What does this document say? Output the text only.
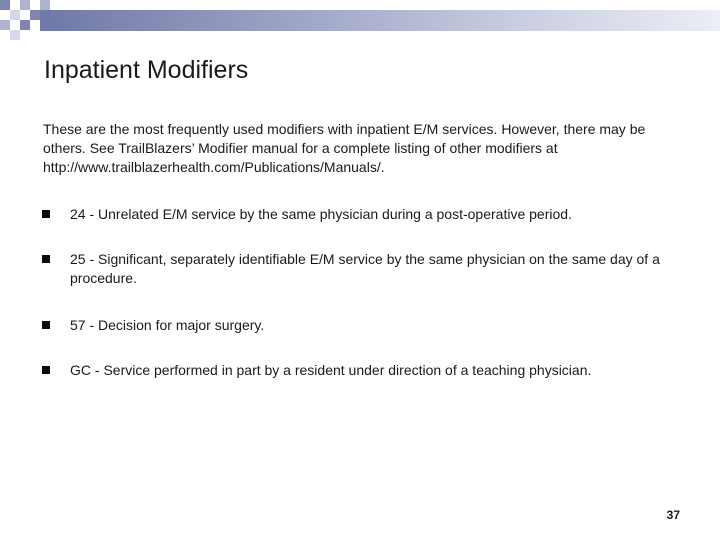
Inpatient Modifiers

These are the most frequently used modifiers with inpatient E/M services. However, there may be others. See TrailBlazers’ Modifier manual for a complete listing of other modifiers at http://www.trailblazerhealth.com/Publications/Manuals/.

24 - Unrelated E/M service by the same physician during a post-operative period.

25 - Significant, separately identifiable E/M service by the same physician on the same day of a procedure.

57 - Decision for major surgery.

GC - Service performed in part by a resident under direction of a teaching physician.

37
